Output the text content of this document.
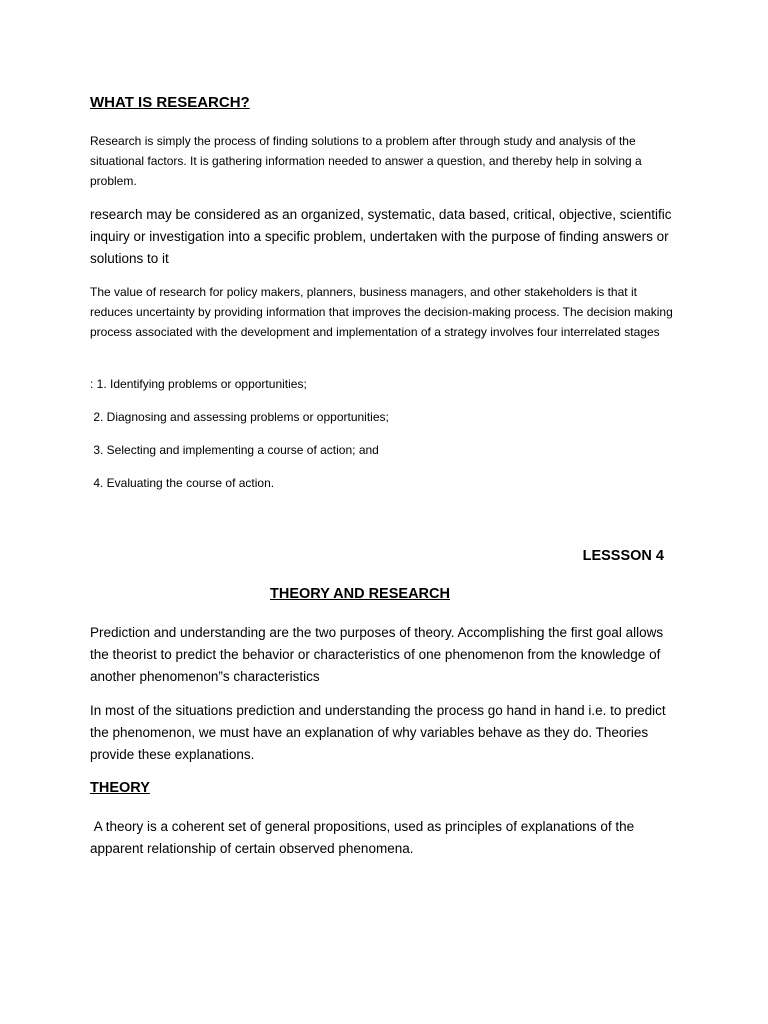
WHAT IS RESEARCH?

Research is simply the process of finding solutions to a problem after through study and analysis of the situational factors. It is gathering information needed to answer a question, and thereby help in solving a problem.

research may be considered as an organized, systematic, data based, critical, objective, scientific inquiry or investigation into a specific problem, undertaken with the purpose of finding answers or solutions to it

The value of research for policy makers, planners, business managers, and other stakeholders is that it reduces uncertainty by providing information that improves the decision-making process. The decision making process associated with the development and implementation of a strategy involves four interrelated stages

: 1. Identifying problems or opportunities;

2. Diagnosing and assessing problems or opportunities;

3. Selecting and implementing a course of action; and

4. Evaluating the course of action.

LESSSON 4

THEORY AND RESEARCH

Prediction and understanding are the two purposes of theory. Accomplishing the first goal allows the theorist to predict the behavior or characteristics of one phenomenon from the knowledge of another phenomenon”s characteristics

In most of the situations prediction and understanding the process go hand in hand i.e. to predict the phenomenon, we must have an explanation of why variables behave as they do. Theories provide these explanations.

THEORY

A theory is a coherent set of general propositions, used as principles of explanations of the apparent relationship of certain observed phenomena.
